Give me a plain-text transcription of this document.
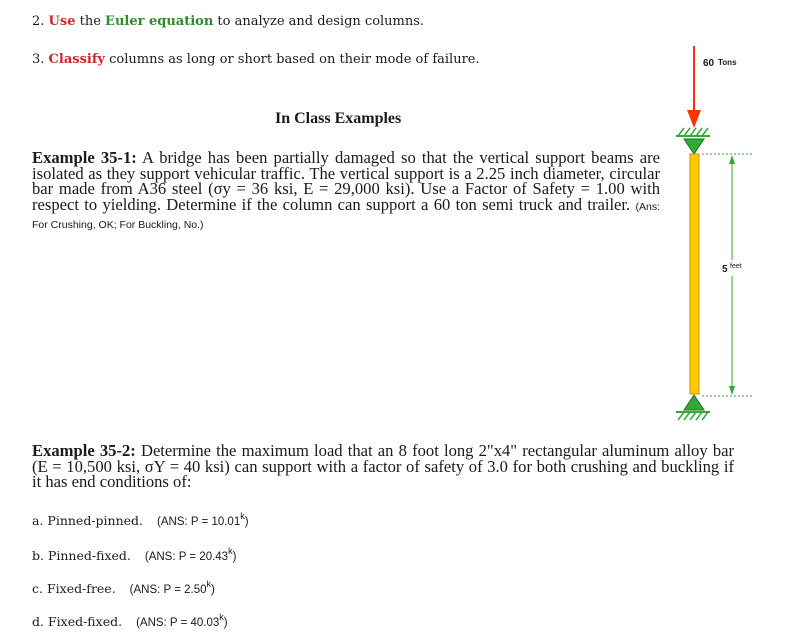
2. Use the Euler equation to analyze and design columns.
3. Classify columns as long or short based on their mode of failure.
In Class Examples
Example 35-1: A bridge has been partially damaged so that the vertical support beams are isolated as they support vehicular traffic. The vertical support is a 2.25 inch diameter, circular bar made from A36 steel (σy = 36 ksi, E = 29,000 ksi). Use a Factor of Safety = 1.00 with respect to yielding. Determine if the column can support a 60 ton semi truck and trailer. (Ans: For Crushing, OK; For Buckling, No.)
60 Tons
5 feet
Example 35-2: Determine the maximum load that an 8 foot long 2"x4" rectangular aluminum alloy bar (E = 10,500 ksi, σY = 40 ksi) can support with a factor of safety of 3.0 for both crushing and buckling if it has end conditions of:
a. Pinned-pinned. (ANS: $P = 10.01^k$)
b. Pinned-fixed. (ANS: $P = 20.43^k$)
c. Fixed-free. (ANS: $P = 2.50^k$)
d. Fixed-fixed. (ANS: $P = 40.03^k$)
